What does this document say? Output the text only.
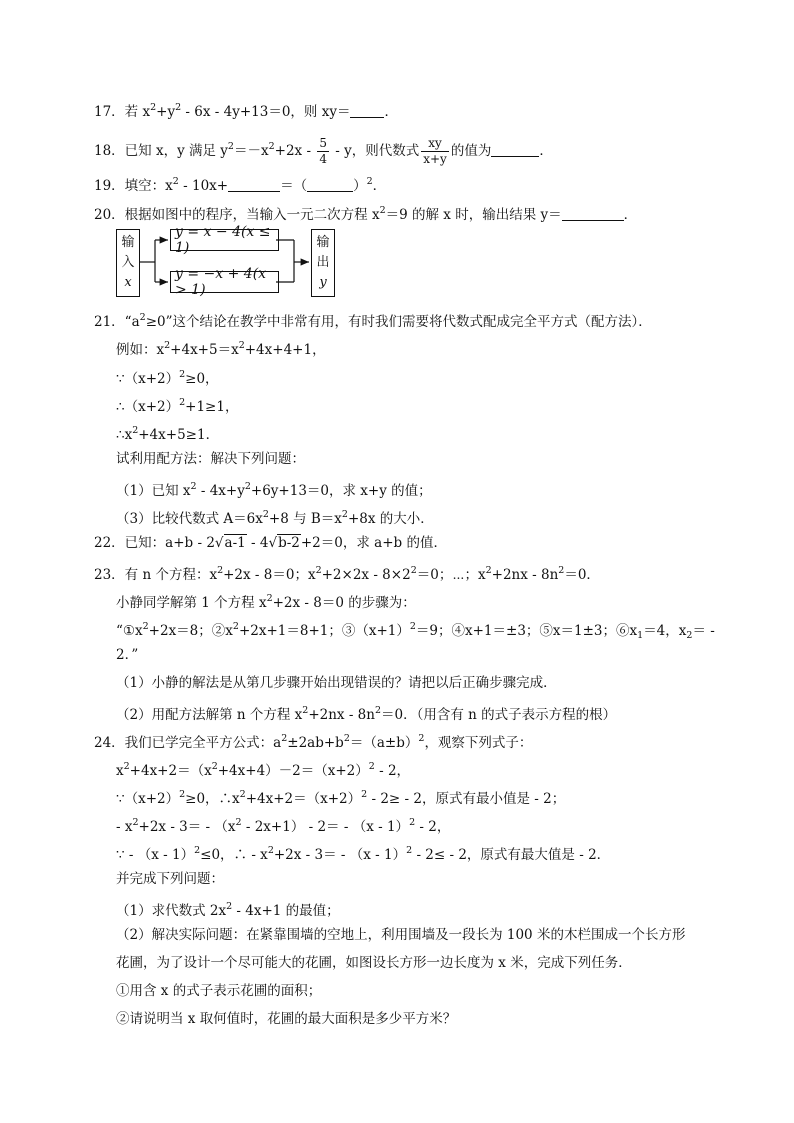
17．若 $x^2+y^2 - 6x - 4y+13=0$，则 xy＝	．
18．已知 x，y 满足 $y^2=-x^2+2x - \frac{5}{4} - y$，则代数式 $\frac{xy}{x+y}$ 的值为	．
19．填空：$x^2 - 10x+$	＝（	）$^2$．
20．根据如图中的程序，当输入一元二次方程 $x^2=9$ 的解 x 时，输出结果 y＝	．
输
入
x
y = x − 4(x ≤ 1)
y = −x + 4(x > 1)
输
出
y
21．“$a^2\ge 0$”这个结论在教学中非常有用，有时我们需要将代数式配成完全平方式（配方法）．
例如：$x^2+4x+5=x^2+4x+4+1$，
$\because(x+2)^2\ge 0$，
$\therefore(x+2)^2+1\ge 1$，
$\therefore x^2+4x+5\ge 1$．
试利用配方法：解决下列问题：
（1）已知 $x^2 - 4x+y^2+6y+13=0$，求 x+y 的值；
（3）比较代数式 $A=6x^2+8$ 与 $B=x^2+8x$ 的大小．
22．已知：a+b - 2√a-1 - 4√b-2+2＝0，求 a+b 的值．
23．有 n 个方程：$x^2+2x - 8=0$；$x^2+2\times 2x - 8\times 2^2=0$；⋯；$x^2+2nx - 8n^2=0$．
小静同学解第 1 个方程 $x^2+2x - 8=0$ 的步骤为：
“$①x^2+2x=8$；$②x^2+2x+1=8+1$；$③(x+1)^2=9$；④x+1＝±3；⑤x＝1±3；$⑥x_1=4$，$x_2=$ -
2．”
（1）小静的解法是从第几步骤开始出现错误的？请把以后正确步骤完成．
（2）用配方法解第 n 个方程 $x^2+2nx - 8n^2=0$．（用含有 n 的式子表示方程的根）
24．我们已学完全平方公式：$a^2\pm 2ab+b^2=(a\pm b)^2$，观察下列式子：
$x^2+4x+2=(x^2+4x+4)-2=(x+2)^2 - 2$，
$\because(x+2)^2\ge 0$，$\therefore x^2+4x+2=(x+2)^2 - 2\ge - 2$，原式有最小值是 - 2；
- $x^2+2x - 3= - (x^2 - 2x+1) - 2= - (x - 1)^2 - 2$，
∵ - （x - 1）$^2$≤0，∴ - $x^2+2x - 3= - (x - 1)^2 - 2\le - 2$，原式有最大值是 - 2．
并完成下列问题：
（1）求代数式 $2x^2 - 4x+1$ 的最值；
（2）解决实际问题：在紧靠围墙的空地上，利用围墙及一段长为 100 米的木栏围成一个长方形
花圃，为了设计一个尽可能大的花圃，如图设长方形一边长度为 x 米，完成下列任务．
①用含 x 的式子表示花圃的面积；
②请说明当 x 取何值时，花圃的最大面积是多少平方米？
